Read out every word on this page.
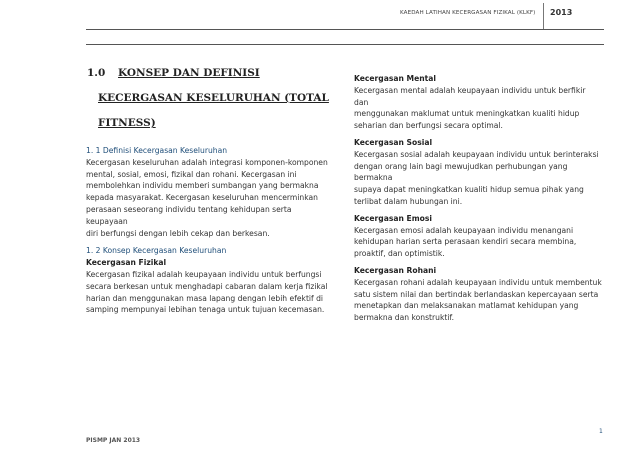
KAEDAH LATIHAN KECERGASAN FIZIKAL (KLKF) 2013
1.0 KONSEP DAN DEFINISI
KECERGASAN KESELURUHAN (TOTAL
FITNESS)

1. 1 Definisi Kecergasan Keseluruhan

Kecergasan keseluruhan adalah integrasi komponen-komponen

mental, sosial, emosi, fizikal dan rohani. Kecergasan ini

membolehkan individu memberi sumbangan yang bermakna

kepada masyarakat. Kecergasan keseluruhan mencerminkan

perasaan seseorang individu tentang kehidupan serta keupayaan

diri berfungsi dengan lebih cekap dan berkesan.

1. 2 Konsep Kecergasan Keseluruhan

Kecergasan Fizikal

Kecergasan fizikal adalah keupayaan individu untuk berfungsi

secara berkesan untuk menghadapi cabaran dalam kerja fizikal

harian dan menggunakan masa lapang dengan lebih efektif di

samping mempunyai lebihan tenaga untuk tujuan kecemasan.

Kecergasan Mental

Kecergasan mental adalah keupayaan individu untuk berfikir dan

menggunakan maklumat untuk meningkatkan kualiti hidup

seharian dan berfungsi secara optimal.

Kecergasan Sosial

Kecergasan sosial adalah keupayaan individu untuk berinteraksi

dengan orang lain bagi mewujudkan perhubungan yang bermakna

supaya dapat meningkatkan kualiti hidup semua pihak yang

terlibat dalam hubungan ini.

Kecergasan Emosi

Kecergasan emosi adalah keupayaan individu menangani

kehidupan harian serta perasaan kendiri secara membina,

proaktif, dan optimistik.

Kecergasan Rohani

Kecergasan rohani adalah keupayaan individu untuk membentuk

satu sistem nilai dan bertindak berlandaskan kepercayaan serta

menetapkan dan melaksanakan matlamat kehidupan yang

bermakna dan konstruktif.

1
PISMP JAN 2013
